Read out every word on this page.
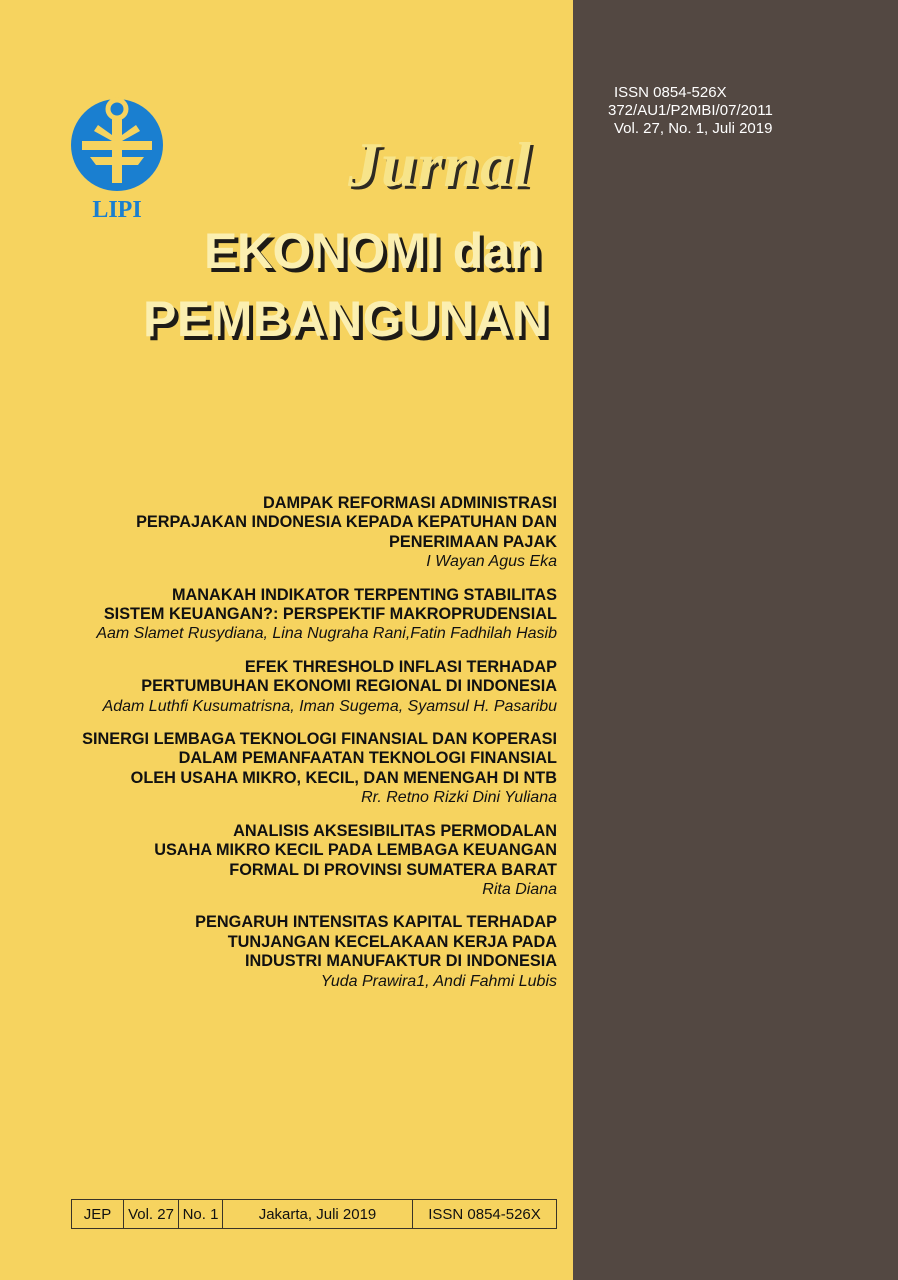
ISSN 0854-526X
372/AU1/P2MBI/07/2011
Vol. 27, No. 1, Juli 2019
LIPI
Jurnal
EKONOMI dan
PEMBANGUNAN
DAMPAK REFORMASI ADMINISTRASI
PERPAJAKAN INDONESIA KEPADA KEPATUHAN DAN
PENERIMAAN PAJAK
I Wayan Agus Eka
MANAKAH INDIKATOR TERPENTING STABILITAS
SISTEM KEUANGAN?: PERSPEKTIF MAKROPRUDENSIAL
Aam Slamet Rusydiana, Lina Nugraha Rani,Fatin Fadhilah Hasib
EFEK THRESHOLD INFLASI TERHADAP
PERTUMBUHAN EKONOMI REGIONAL DI INDONESIA
Adam Luthfi Kusumatrisna, Iman Sugema, Syamsul H. Pasaribu
SINERGI LEMBAGA TEKNOLOGI FINANSIAL DAN KOPERASI
DALAM PEMANFAATAN TEKNOLOGI FINANSIAL
OLEH USAHA MIKRO, KECIL, DAN MENENGAH DI NTB
Rr. Retno Rizki Dini Yuliana
ANALISIS AKSESIBILITAS PERMODALAN
USAHA MIKRO KECIL PADA LEMBAGA KEUANGAN
FORMAL DI PROVINSI SUMATERA BARAT
Rita Diana
PENGARUH INTENSITAS KAPITAL TERHADAP
TUNJANGAN KECELAKAAN KERJA PADA
INDUSTRI MANUFAKTUR DI INDONESIA
Yuda Prawira1, Andi Fahmi Lubis
JEP	Vol. 27 No. 1	Jakarta, Juli 2019	ISSN 0854-526X
